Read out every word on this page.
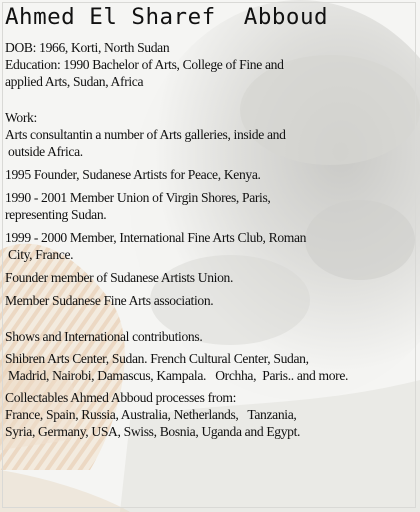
Ahmed El Sharef  Abboud
DOB: 1966, Korti, North Sudan
Education: 1990 Bachelor of Arts, College of Fine and
applied Arts, Sudan, Africa
Work:
Arts consultantin a number of Arts galleries, inside and
outside Africa.
1995 Founder, Sudanese Artists for Peace, Kenya.
1990 - 2001 Member Union of Virgin Shores, Paris,
representing Sudan.
1999 - 2000 Member, International Fine Arts Club, Roman
City, France.
Founder member of Sudanese Artists Union.
Member Sudanese Fine Arts association.
Shows and International contributions.
Shibren Arts Center, Sudan. French Cultural Center, Sudan,
Madrid, Nairobi, Damascus, Kampala.   Orchha,  Paris.. and more.
Collectables Ahmed Abboud processes from:
France, Spain, Russia, Australia, Netherlands,   Tanzania,
Syria, Germany, USA, Swiss, Bosnia, Uganda and Egypt.
